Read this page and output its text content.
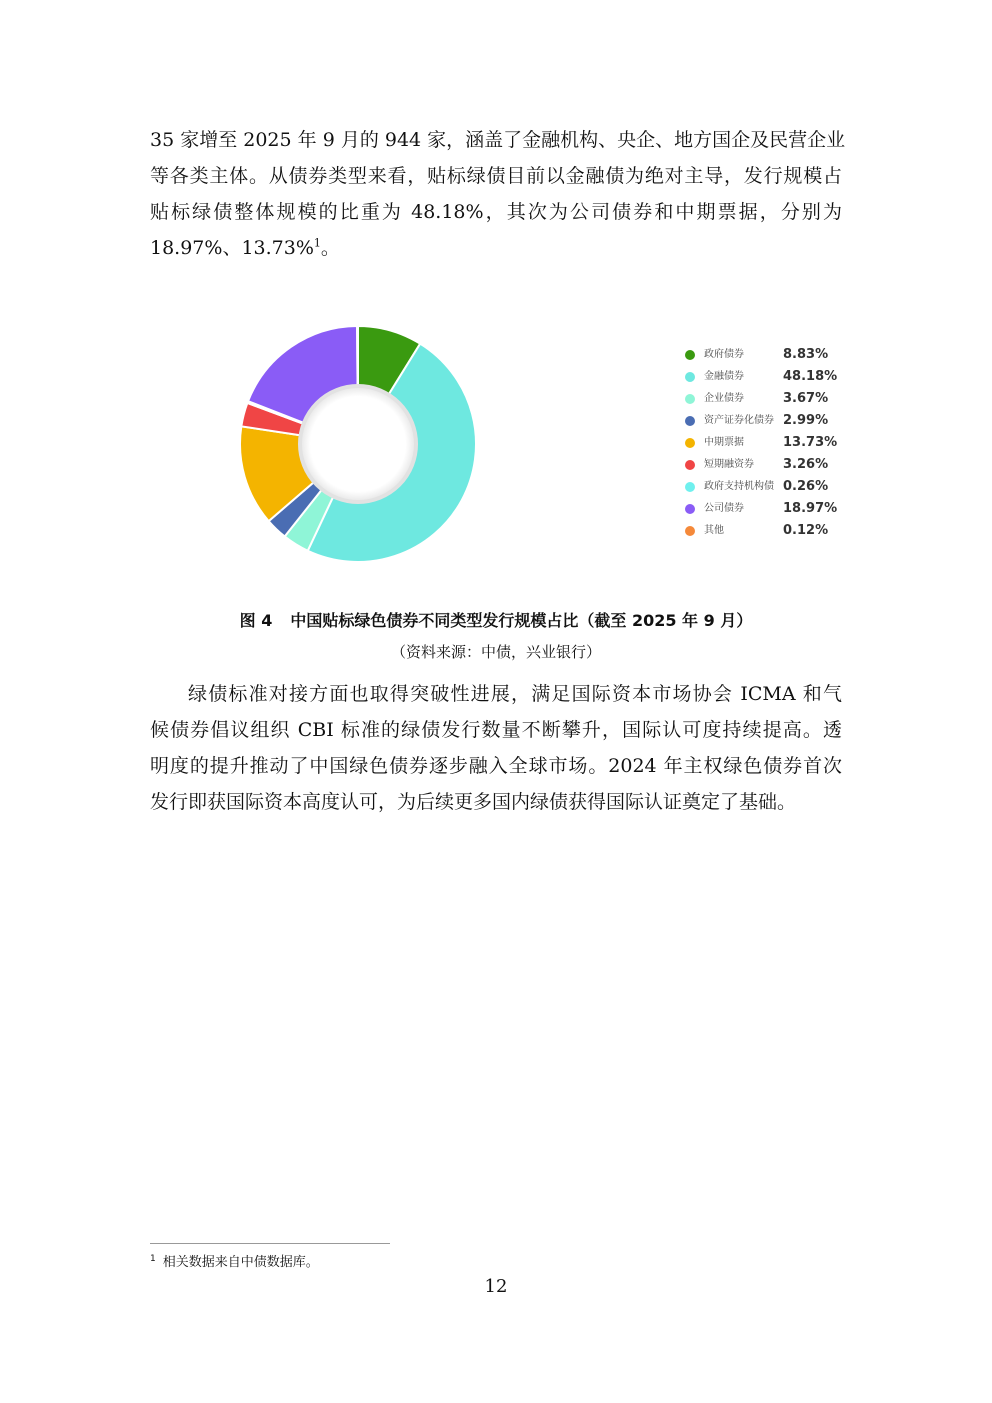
35 家增至 2025 年 9 月的 944 家，涵盖了金融机构、央企、地方国企及民营企业
等各类主体。从债券类型来看，贴标绿债目前以金融债为绝对主导，发行规模占
贴标绿债整体规模的比重为 48.18%，其次为公司债券和中期票据，分别为
18.97%、13.73%$^1$。
政府债券	8.83%
金融债券	48.18%
企业债券	3.67%
资产证券化债券 2.99%
中期票据	13.73%
短期融资券 3.26%
政府支持机构债 0.26%
公司债券	18.97%
其他	0.12%
图 4 中国贴标绿色债券不同类型发行规模占比（截至 2025 年 9 月）
（资料来源：中债，兴业银行）
绿债标准对接方面也取得突破性进展，满足国际资本市场协会 ICMA 和气
候债券倡议组织 CBI 标准的绿债发行数量不断攀升，国际认可度持续提高。透
明度的提升推动了中国绿色债券逐步融入全球市场。2024 年主权绿色债券首次
发行即获国际资本高度认可，为后续更多国内绿债获得国际认证奠定了基础。
$^1$ 相关数据来自中债数据库。
12
